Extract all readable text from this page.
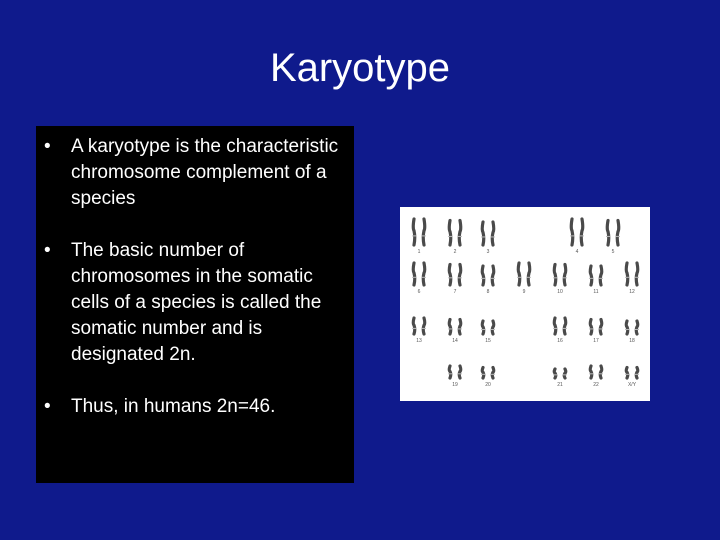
Karyotype
• A karyotype is the characteristic chromosome complement of a species
• The basic number of chromosomes in the somatic cells of a species is called the somatic number and is designated 2n.
• Thus, in humans 2n=46.
1	2	3	4	5
6	7	8	9	10	11	12
13	14	15	16	17	18
19	20	21	22	X/Y
